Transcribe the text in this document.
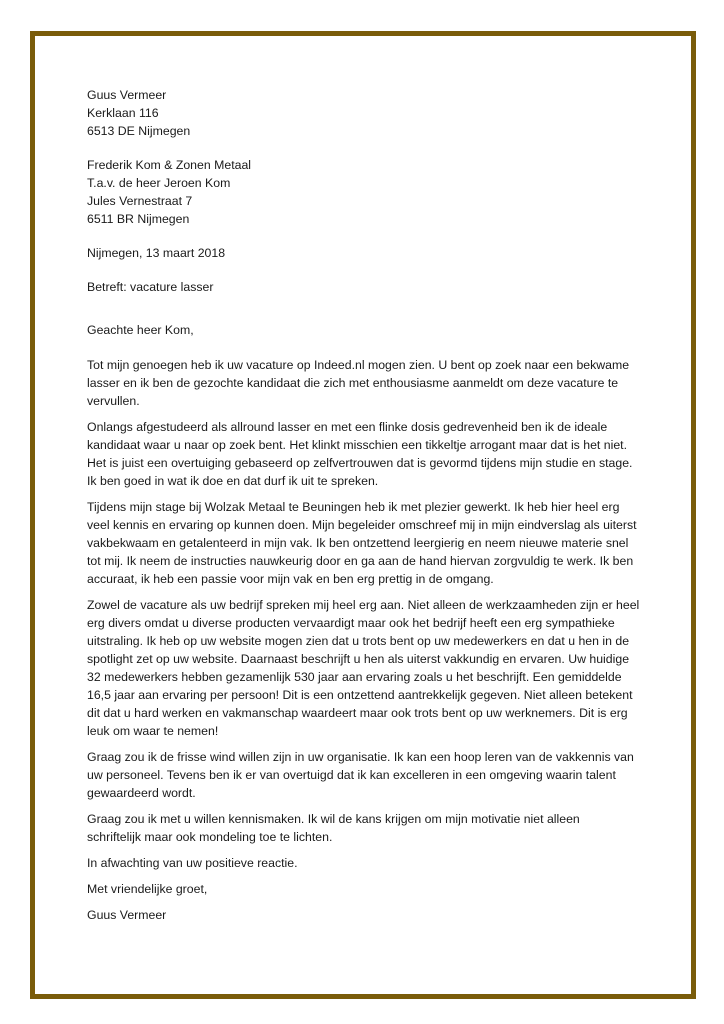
Guus Vermeer
Kerklaan 116
6513 DE Nijmegen

Frederik Kom & Zonen Metaal
T.a.v. de heer Jeroen Kom
Jules Vernestraat 7
6511 BR Nijmegen

Nijmegen, 13 maart 2018

Betreft: vacature lasser

Geachte heer Kom,

Tot mijn genoegen heb ik uw vacature op Indeed.nl mogen zien. U bent op zoek naar een bekwame
lasser en ik ben de gezochte kandidaat die zich met enthousiasme aanmeldt om deze vacature te
vervullen.

Onlangs afgestudeerd als allround lasser en met een flinke dosis gedrevenheid ben ik de ideale
kandidaat waar u naar op zoek bent. Het klinkt misschien een tikkeltje arrogant maar dat is het niet.
Het is juist een overtuiging gebaseerd op zelfvertrouwen dat is gevormd tijdens mijn studie en stage.
Ik ben goed in wat ik doe en dat durf ik uit te spreken.

Tijdens mijn stage bij Wolzak Metaal te Beuningen heb ik met plezier gewerkt. Ik heb hier heel erg
veel kennis en ervaring op kunnen doen. Mijn begeleider omschreef mij in mijn eindverslag als uiterst
vakbekwaam en getalenteerd in mijn vak. Ik ben ontzettend leergierig en neem nieuwe materie snel
tot mij. Ik neem de instructies nauwkeurig door en ga aan de hand hiervan zorgvuldig te werk. Ik ben
accuraat, ik heb een passie voor mijn vak en ben erg prettig in de omgang.

Zowel de vacature als uw bedrijf spreken mij heel erg aan. Niet alleen de werkzaamheden zijn er heel
erg divers omdat u diverse producten vervaardigt maar ook het bedrijf heeft een erg sympathieke
uitstraling. Ik heb op uw website mogen zien dat u trots bent op uw medewerkers en dat u hen in de
spotlight zet op uw website. Daarnaast beschrijft u hen als uiterst vakkundig en ervaren. Uw huidige
32 medewerkers hebben gezamenlijk 530 jaar aan ervaring zoals u het beschrijft. Een gemiddelde
16,5 jaar aan ervaring per persoon! Dit is een ontzettend aantrekkelijk gegeven. Niet alleen betekent
dit dat u hard werken en vakmanschap waardeert maar ook trots bent op uw werknemers. Dit is erg
leuk om waar te nemen!

Graag zou ik de frisse wind willen zijn in uw organisatie. Ik kan een hoop leren van de vakkennis van
uw personeel. Tevens ben ik er van overtuigd dat ik kan excelleren in een omgeving waarin talent
gewaardeerd wordt.

Graag zou ik met u willen kennismaken. Ik wil de kans krijgen om mijn motivatie niet alleen
schriftelijk maar ook mondeling toe te lichten.

In afwachting van uw positieve reactie.

Met vriendelijke groet,

Guus Vermeer
